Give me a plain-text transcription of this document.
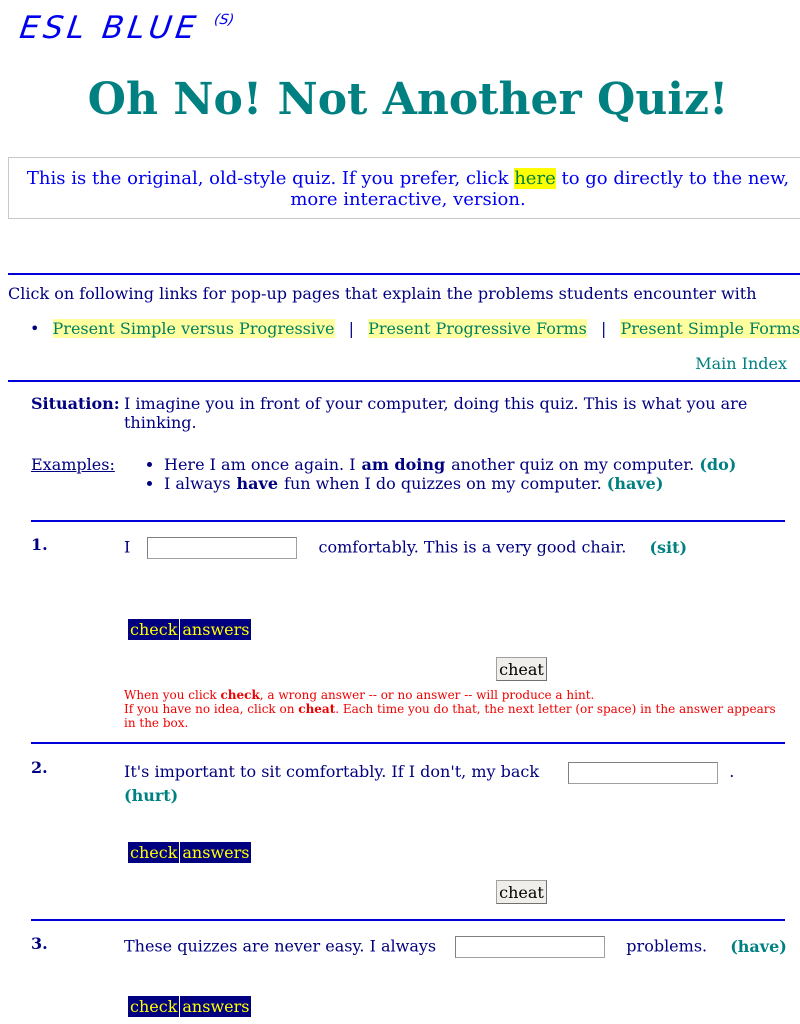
ESL BLUE $^{(S)}$
Oh No! Not Another Quiz!
This is the original, old-style quiz. If you prefer, click here to go directly to the new, more interactive, version.
Click on following links for pop-up pages that explain the problems students encounter with
• Present Simple versus Progressive | Present Progressive Forms | Present Simple Forms
Main Index
Situation: I imagine you in front of your computer, doing this quiz. This is what you are thinking.
Examples:	• Here I am once again. I am doing another quiz on my computer. (do)
• I always have fun when I do quizzes on my computer. (have)
1.	I	comfortably. This is a very good chair. (sit)
check answers
cheat
When you click check, a wrong answer -- or no answer -- will produce a hint.
If you have no idea, click on cheat. Each time you do that, the next letter (or space) in the answer appears in the box.
2.	It's important to sit comfortably. If I don't, my back	.
(hurt)
check answers
cheat
3.	These quizzes are never easy. I always	problems. (have)
check answers
